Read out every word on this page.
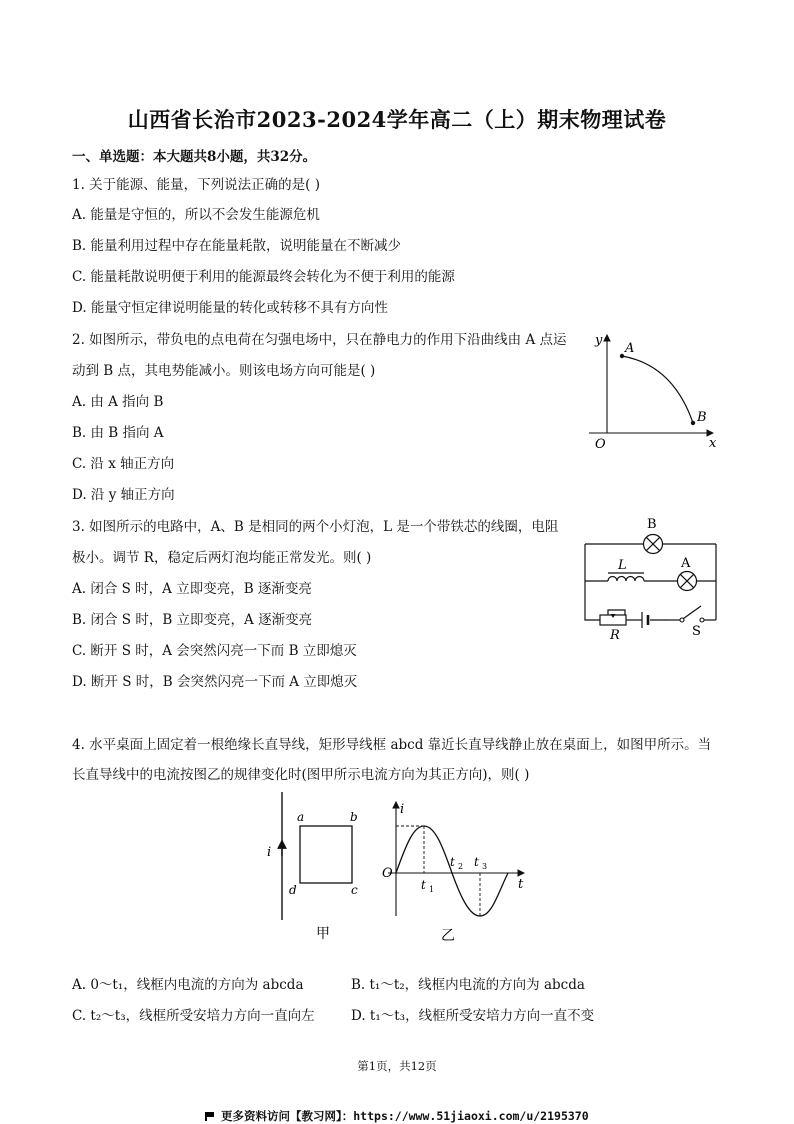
山西省长治市2023-2024学年高二（上）期末物理试卷
一、单选题：本大题共8小题，共32分。
1. 关于能源、能量，下列说法正确的是( )
A. 能量是守恒的，所以不会发生能源危机
B. 能量利用过程中存在能量耗散，说明能量在不断减少
C. 能量耗散说明便于利用的能源最终会转化为不便于利用的能源
D. 能量守恒定律说明能量的转化或转移不具有方向性
2. 如图所示，带负电的点电荷在匀强电场中，只在静电力的作用下沿曲线由 A 点运
动到 B 点，其电势能减小。则该电场方向可能是( )
A. 由 A 指向 B
B. 由 B 指向 A
C. 沿 x 轴正方向
D. 沿 y 轴正方向
y
x
O
A
B
3. 如图所示的电路中，A、B 是相同的两个小灯泡，L 是一个带铁芯的线圈，电阻
极小。调节 R，稳定后两灯泡均能正常发光。则( )
A. 闭合 S 时，A 立即变亮，B 逐渐变亮
B. 闭合 S 时，B 立即变亮，A 逐渐变亮
C. 断开 S 时，A 会突然闪亮一下而 B 立即熄灭
D. 断开 S 时，B 会突然闪亮一下而 A 立即熄灭
B
A
L
R	S
4. 水平桌面上固定着一根绝缘长直导线，矩形导线框 abcd 靠近长直导线静止放在桌面上，如图甲所示。当
长直导线中的电流按图乙的规律变化时(图甲所示电流方向为其正方向)，则( )
i
a	b
c
d
甲
i
t
O
t 1
t 2 t 3
乙
A. 0～t₁，线框内电流的方向为 abcda	B. t₁～t₂，线框内电流的方向为 abcda
C. t₂～t₃，线框所受安培力方向一直向左	D. t₁～t₃，线框所受安培力方向一直不变
第1页，共12页
更多资料访问【教习网】：https://www.51jiaoxi.com/u/2195370
